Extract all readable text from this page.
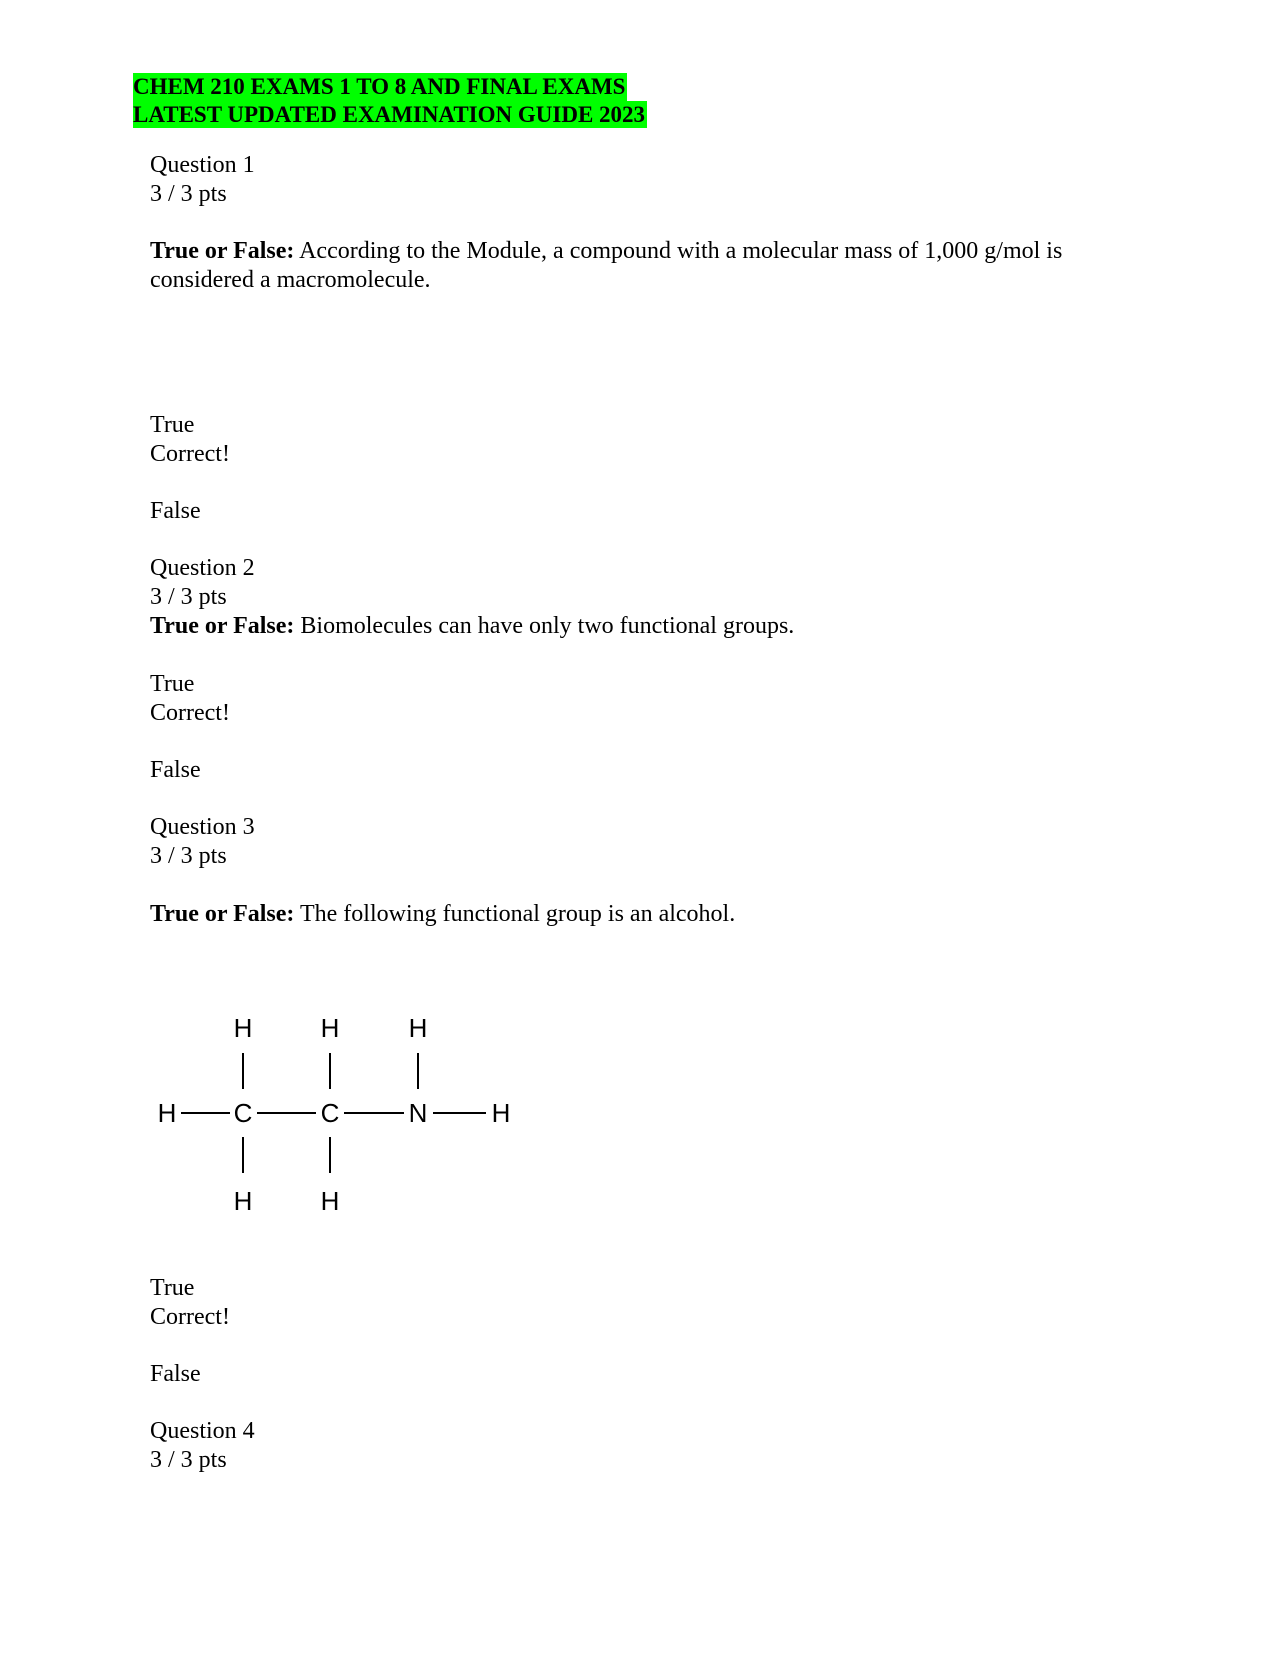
CHEM 210 EXAMS 1 TO 8 AND FINAL EXAMS
LATEST UPDATED EXAMINATION GUIDE 2023
Question 1
3 / 3 pts
True or False: According to the Module, a compound with a molecular mass of 1,000 g/mol is considered a macromolecule.
True
Correct!
False
Question 2
3 / 3 pts
True or False: Biomolecules can have only two functional groups.
True
Correct!
False
Question 3
3 / 3 pts
True or False: The following functional group is an alcohol.
H	H	H
H C	C	N H
H	H
True
Correct!
False
Question 4
3 / 3 pts
